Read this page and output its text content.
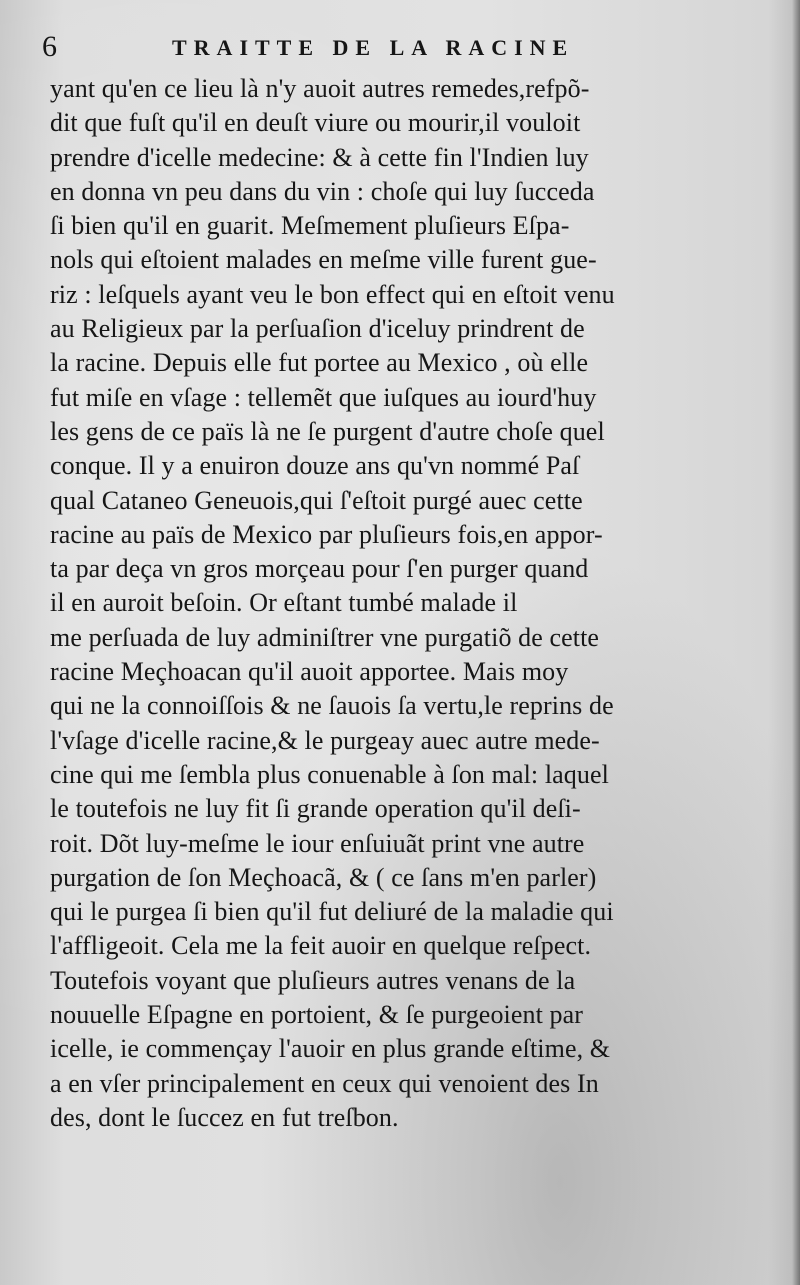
6	TRAITTE DE LA RACINE
yant qu'en ce lieu là n'y auoit autres remedes,refpõ-
dit que fuſt qu'il en deuſt viure ou mourir,il vouloit
prendre d'icelle medecine: & à cette fin l'Indien luy
en donna vn peu dans du vin : choſe qui luy ſucceda
ſi bien qu'il en guarit. Meſmement pluſieurs Eſpa-
nols qui eſtoient malades en meſme ville furent gue-
riz : leſquels ayant veu le bon effect qui en eſtoit venu
au Religieux par la perſuaſion d'iceluy prindrent de
la racine. Depuis elle fut portee au Mexico , où elle
fut miſe en vſage : tellemẽt que iuſques au iourd'huy
les gens de ce païs là ne ſe purgent d'autre choſe quel
conque. Il y a enuiron douze ans qu'vn nommé Paſ
qual Cataneo Geneuois,qui ſ'eſtoit purgé auec cette
racine au païs de Mexico par pluſieurs fois,en appor-
ta par deça vn gros morçeau pour ſ'en purger quand
il en auroit beſoin. Or eſtant tumbé malade il
me perſuada de luy adminiſtrer vne purgatiõ de cette
racine Meçhoacan qu'il auoit apportee. Mais moy
qui ne la connoiſſois & ne ſauois ſa vertu,le reprins de
l'vſage d'icelle racine,& le purgeay auec autre mede-
cine qui me ſembla plus conuenable à ſon mal: laquel
le toutefois ne luy fit ſi grande operation qu'il deſi-
roit. Dõt luy-meſme le iour enſuiuãt print vne autre
purgation de ſon Meçhoacã, & ( ce ſans m'en parler)
qui le purgea ſi bien qu'il fut deliuré de la maladie qui
l'affligeoit. Cela me la feit auoir en quelque reſpect.
Toutefois voyant que pluſieurs autres venans de la
nouuelle Eſpagne en portoient, & ſe purgeoient par
icelle, ie commençay l'auoir en plus grande eſtime, &
a en vſer principalement en ceux qui venoient des In
des, dont le ſuccez en fut treſbon.
